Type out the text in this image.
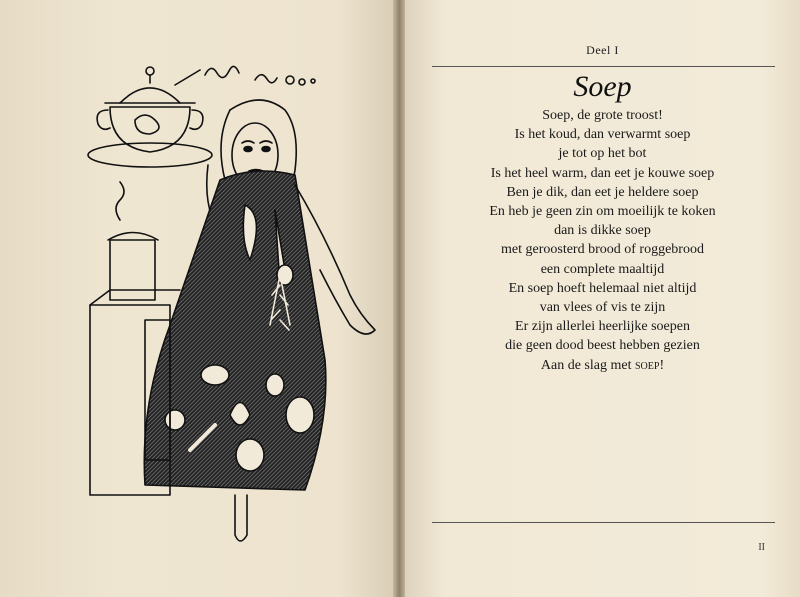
Deel I
Soep
Soep, de grote troost!
Is het koud, dan verwarmt soep
je tot op het bot
Is het heel warm, dan eet je kouwe soep
Ben je dik, dan eet je heldere soep
En heb je geen zin om moeilijk te koken
dan is dikke soep
met geroosterd brood of roggebrood
een complete maaltijd
En soep hoeft helemaal niet altijd
van vlees of vis te zijn
Er zijn allerlei heerlijke soepen
die geen dood beest hebben gezien
Aan de slag met soep!
II
